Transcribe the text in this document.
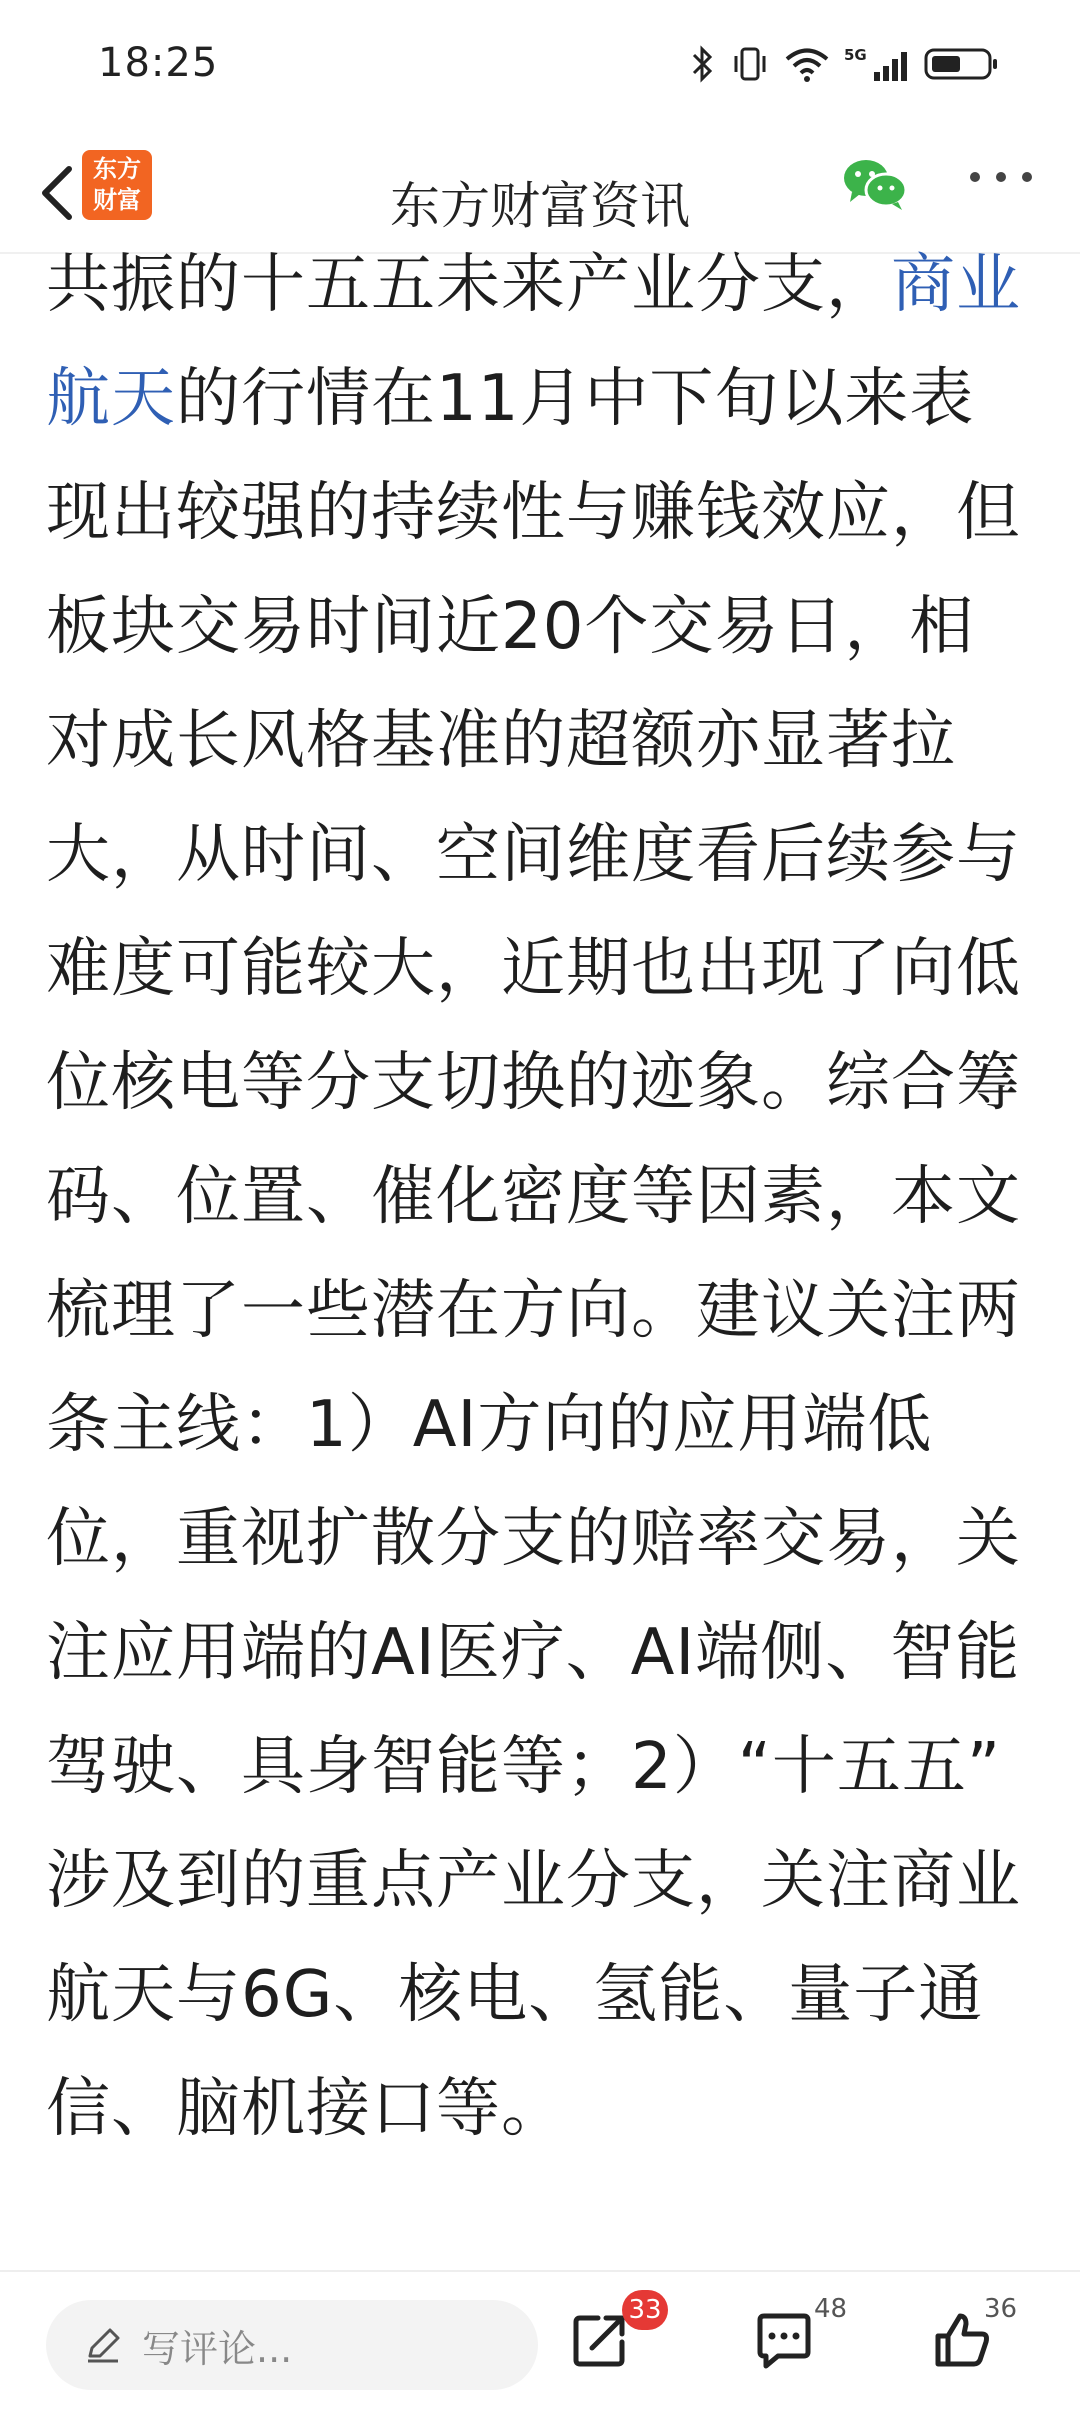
18:25	5G
东方
财富	东方财富资讯
共振的十五五未来产业分支，商业
航天的行情在11月中下旬以来表
现出较强的持续性与赚钱效应，但
板块交易时间近20个交易日，相
对成长风格基准的超额亦显著拉
大，从时间、空间维度看后续参与
难度可能较大，近期也出现了向低
位核电等分支切换的迹象。综合筹
码、位置、催化密度等因素，本文
梳理了一些潜在方向。建议关注两
条主线：1）AI方向的应用端低
位，重视扩散分支的赔率交易，关
注应用端的AI医疗、AI端侧、智能
驾驶、具身智能等；2）“十五五”
涉及到的重点产业分支，关注商业
航天与6G、核电、氢能、量子通
信、脑机接口等。
写评论...
33	48	36
